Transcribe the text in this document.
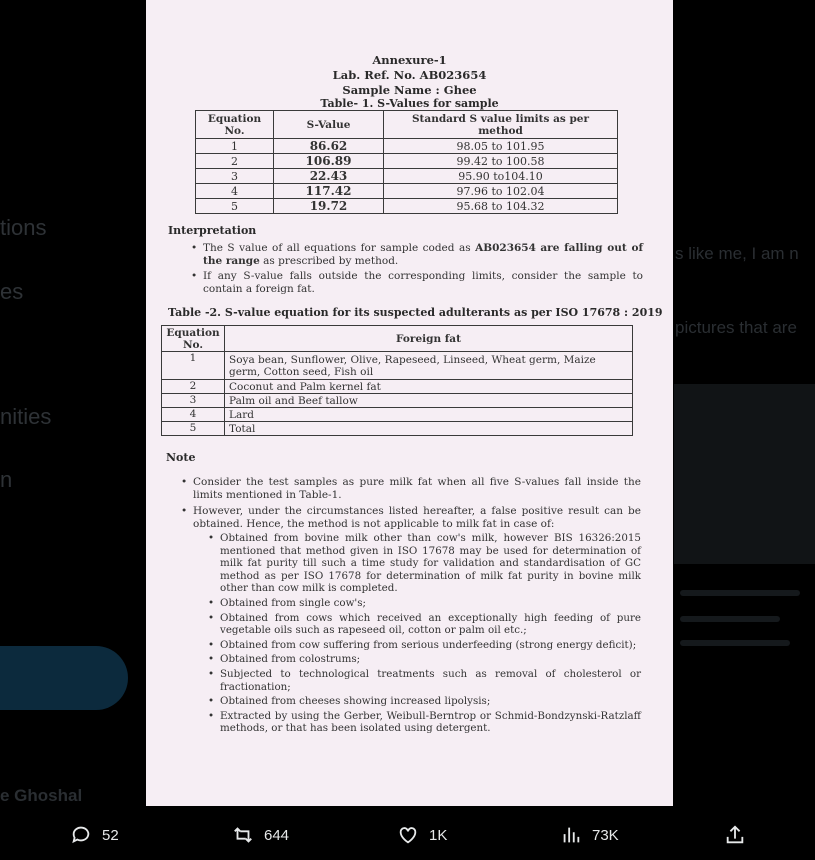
tions
es
nities
n
e Ghoshal
s like me, I am n
pictures that are
Annexure-1
Lab. Ref. No. AB023654
Sample Name : Ghee
Table- 1. S-Values for sample
Equation No.	S-Value	Standard S value limits as per method
1	86.62	98.05 to 101.95
2	106.89	99.42 to 100.58
3	22.43	95.90 to104.10
4	117.42	97.96 to 102.04
5	19.72	95.68 to 104.32
Interpretation
• The S value of all equations for sample coded as AB023654 are falling out of the range as prescribed by method.
• If any S-value falls outside the corresponding limits, consider the sample to contain a foreign fat.
Table -2. S-value equation for its suspected adulterants as per ISO 17678 : 2019
Equation No.	Foreign fat
1	Soya bean, Sunflower, Olive, Rapeseed, Linseed, Wheat germ, Maize germ, Cotton seed, Fish oil
2	Coconut and Palm kernel fat
3	Palm oil and Beef tallow
4	Lard
5	Total
Note
• Consider the test samples as pure milk fat when all five S-values fall inside the limits mentioned in Table-1.
• However, under the circumstances listed hereafter, a false positive result can be obtained. Hence, the method is not applicable to milk fat in case of:
• Obtained from bovine milk other than cow's milk, however BIS 16326:2015 mentioned that method given in ISO 17678 may be used for determination of milk fat purity till such a time study for validation and standardisation of GC method as per ISO 17678 for determination of milk fat purity in bovine milk other than cow milk is completed.
• Obtained from single cow's;
• Obtained from cows which received an exceptionally high feeding of pure vegetable oils such as rapeseed oil, cotton or palm oil etc.;
• Obtained from cow suffering from serious underfeeding (strong energy deficit);
• Obtained from colostrums;
• Subjected to technological treatments such as removal of cholesterol or fractionation;
• Obtained from cheeses showing increased lipolysis;
• Extracted by using the Gerber, Weibull-Berntrop or Schmid-Bondzynski-Ratzlaff methods, or that has been isolated using detergent.
52	644	1K	73K
